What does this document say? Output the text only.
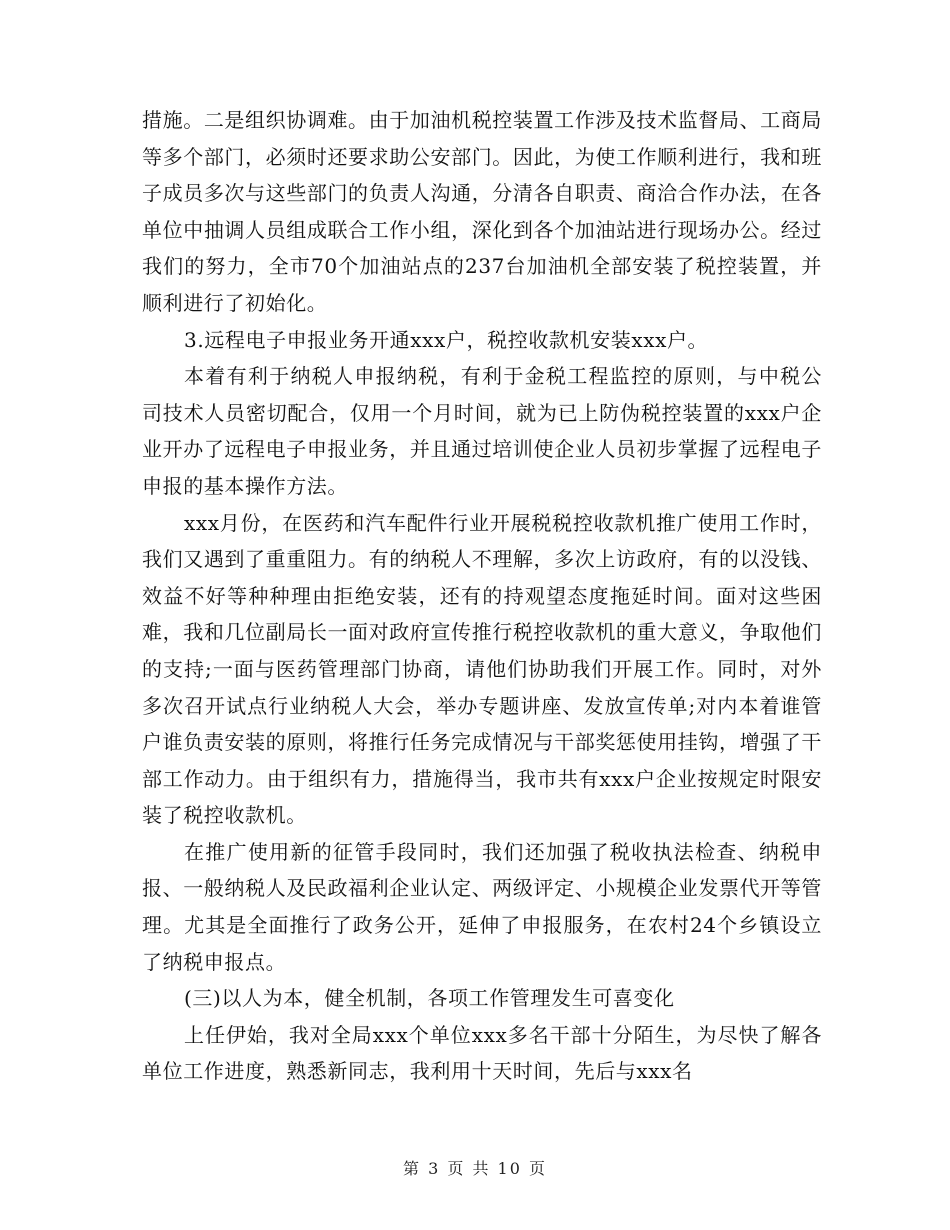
措施。二是组织协调难。由于加油机税控装置工作涉及技术监督局、工商局等多个部门，必须时还要求助公安部门。因此，为使工作顺利进行，我和班子成员多次与这些部门的负责人沟通，分清各自职责、商洽合作办法，在各单位中抽调人员组成联合工作小组，深化到各个加油站进行现场办公。经过我们的努力，全市70个加油站点的237台加油机全部安装了税控装置，并顺利进行了初始化。

3.远程电子申报业务开通xxx户，税控收款机安装xxx户。

本着有利于纳税人申报纳税，有利于金税工程监控的原则，与中税公司技术人员密切配合，仅用一个月时间，就为已上防伪税控装置的xxx户企业开办了远程电子申报业务，并且通过培训使企业人员初步掌握了远程电子申报的基本操作方法。

xxx月份，在医药和汽车配件行业开展税税控收款机推广使用工作时，我们又遇到了重重阻力。有的纳税人不理解，多次上访政府，有的以没钱、效益不好等种种理由拒绝安装，还有的持观望态度拖延时间。面对这些困难，我和几位副局长一面对政府宣传推行税控收款机的重大意义，争取他们的支持;一面与医药管理部门协商，请他们协助我们开展工作。同时，对外多次召开试点行业纳税人大会，举办专题讲座、发放宣传单;对内本着谁管户谁负责安装的原则，将推行任务完成情况与干部奖惩使用挂钩，增强了干部工作动力。由于组织有力，措施得当，我市共有xxx户企业按规定时限安装了税控收款机。

在推广使用新的征管手段同时，我们还加强了税收执法检查、纳税申报、一般纳税人及民政福利企业认定、两级评定、小规模企业发票代开等管理。尤其是全面推行了政务公开，延伸了申报服务，在农村24个乡镇设立了纳税申报点。

(三)以人为本，健全机制，各项工作管理发生可喜变化

上任伊始，我对全局xxx个单位xxx多名干部十分陌生，为尽快了解各单位工作进度，熟悉新同志，我利用十天时间，先后与xxx名

第 3 页 共 10 页
